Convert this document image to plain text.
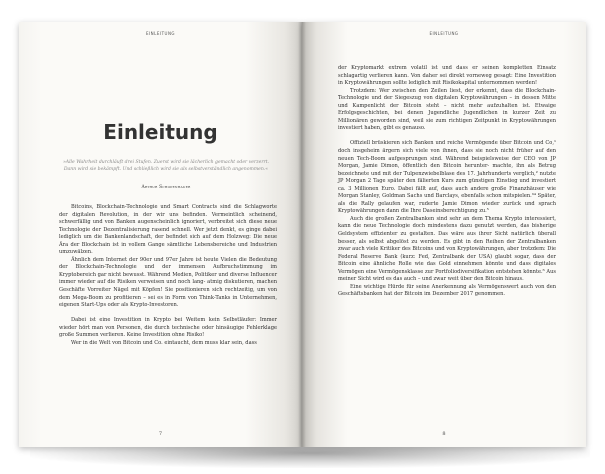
EINLEITUNG
Einleitung
»Alle Wahrheit durchläuft drei Stufen. Zuerst wird sie lächerlich gemacht oder verzerrt. Dann wird sie bekämpft. Und schließlich wird sie als selbstverständlich angenommen.«
Arthur Schopenhauer

Bitcoins, Blockchain-Technologie und Smart Contracts sind die Schlagworte der digitalen Revolution, in der wir uns befinden. Vermeintlich scheinend, schwerfällig und von Banken augenscheinlich ignoriert, verbreitet sich diese neue Technologie der Dezentralisierung rasend schnell. Wer jetzt denkt, es ginge dabei lediglich um die Bankenlandschaft, der befindet sich auf dem Holzweg: Die neue Ära der Blockchain ist in vollem Gange sämtliche Lebensbereiche und Industrien umzuwälzen.

Ähnlich dem Internet der 90er und 97er Jahre ist heute Vielen die Bedeutung der Blockchain-Technologie und der immensen Aufbruchstimmung im Kryptobereich gar nicht bewusst. Während Medien, Politiker und diverse Influencer immer wieder auf die Risiken verweisen und noch lang- atmig diskutieren, machen Geschäfte Vorreiter Nägel mit Köpfen! Sie positionieren sich rechtzeitig, um von dem Mega-Boom zu profitieren – sei es in Form von Think-Tanks in Unternehmen, eigenen Start-Ups oder als Krypto-Investoren.

Dabei ist eine Investition in Krypto bei Weitem kein Selbstläufer: Immer wieder hört man von Personen, die durch technische oder hinsäugige Fehlerklage große Summen verlieren. Keine Investition ohne Risiko!

Wer in die Welt von Bitcoin und Co. eintaucht, dem muss klar sein, dass

7
EINLEITUNG

der Kryptomarkt extrem volatil ist und dass er seinen kompletten Einsatz schlagartig verlieren kann. Von daher sei direkt vorneweg gesagt: Eine Investition in Kryptowährungen sollte lediglich mit Risikokapital unternommen werden!

Trotzdem: Wer zwischen den Zeilen liest, der erkennt, dass die Blockchain-Technologie und der Siegeszug von digitalen Kryptowährungen – in dessen Mitte und Kampenlicht der Bitcoin steht – nicht mehr aufzuhalten ist. Etwaige Erfolgsgeschichten, bei denen Jugendliche Jugendlichen in kurzer Zeit zu Millionären geworden sind, weil sie zum richtigen Zeitpunkt in Kryptowährungen investiert haben, gibt es genauso.

Offiziell brüskieren sich Banken und reiche Vermögende über Bitcoin und Co,¹ doch insgeheim ärgern sich viele von ihnen, dass sie noch nicht früher auf den neuen Tech-Boom aufgesprungen sind. Während beispielsweise der CEO von JP Morgan, Jamie Dimon, öffentlich den Bitcoin herunter- machte, ihn als Betrug bezeichnete und mit der Tulpenzwiebelblase des 17. Jahrhunderts verglich,² nutzte JP Morgan 2 Tage später den fälierten Kurs zum günstigen Einstieg und investiert ca. 3 Millionen Euro. Dabei fällt auf, dass auch andere große Finanzhäuser wie Morgan Stanley, Goldman Sachs und Barclays, ebenfalls schon mitspielen.³⁴ Später, als die Rally gelaufen war, ruderte Jamie Dimon wieder zurück und sprach Kryptowährungen dann die Ihre Daseinsberechtigung zu.⁵

Auch die großen Zentralbanken sind sehr an dem Thema Krypto interessiert, kann die neue Technologie doch mindestens dazu genutzt werden, das bisherige Geldsystem effizienter zu gestalten. Das wäre aus ihrer Sicht natürlich überall besser, als selbst abgelöst zu werden. Es gibt in den Reihen der Zentralbanken zwar auch viele Kritiker des Bitcoins und von Kryptowährungen, aber trotzdem: Die Federal Reserve Bank (kurz: Fed, Zentralbank der USA) glaubt sogar, dass der Bitcoin eine ähnliche Rolle wie das Gold einnehmen könnte und dass digitales Vermögen eine Vermögensklasse zur Portfoliodiversifikation entstehen könnte.⁶ Aus meiner Sicht wird es das auch – und zwar weit über den Bitcoin hinaus.

Eine wichtige Hürde für seine Anerkennung als Vermögenswert auch von den Geschäftsbanken hat der Bitcoin im Dezember 2017 genommen.

8
